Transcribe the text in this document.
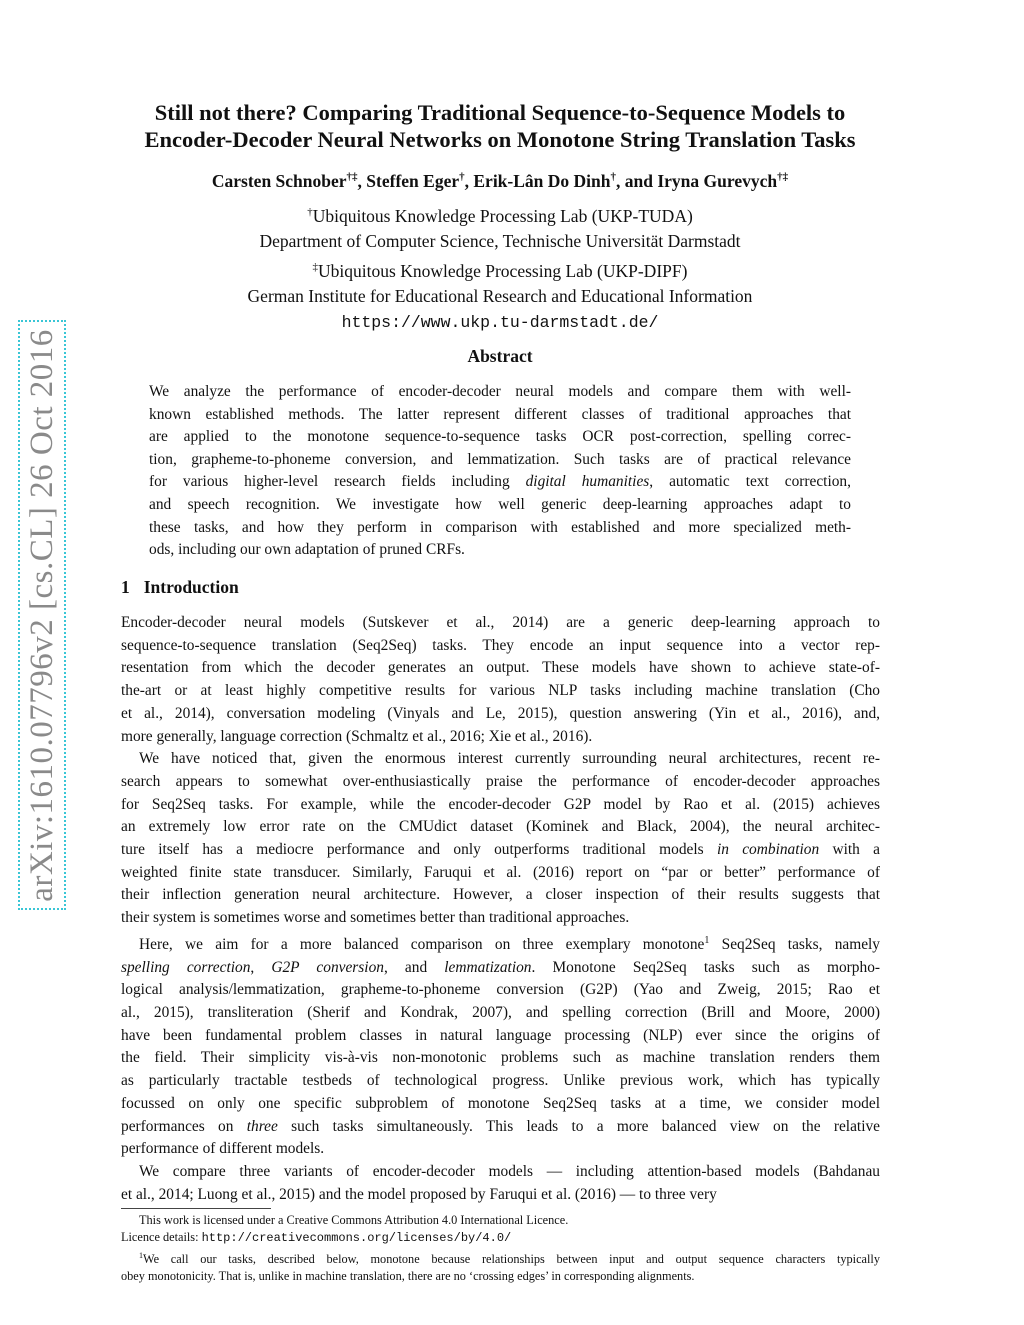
arXiv:1610.07796v2 [cs.CL] 26 Oct 2016
Still not there? Comparing Traditional Sequence-to-Sequence Models to
Encoder-Decoder Neural Networks on Monotone String Translation Tasks
Carsten Schnober†‡, Steffen Eger†, Erik-Lân Do Dinh†, and Iryna Gurevych†‡
†Ubiquitous Knowledge Processing Lab (UKP-TUDA)
Department of Computer Science, Technische Universität Darmstadt
‡Ubiquitous Knowledge Processing Lab (UKP-DIPF)
German Institute for Educational Research and Educational Information
https://www.ukp.tu-darmstadt.de/
Abstract
We analyze the performance of encoder-decoder neural models and compare them with well-
known established methods. The latter represent different classes of traditional approaches that
are applied to the monotone sequence-to-sequence tasks OCR post-correction, spelling correc-
tion, grapheme-to-phoneme conversion, and lemmatization. Such tasks are of practical relevance
for various higher-level research fields including digital humanities, automatic text correction,
and speech recognition. We investigate how well generic deep-learning approaches adapt to
these tasks, and how they perform in comparison with established and more specialized meth-
ods, including our own adaptation of pruned CRFs.
1 Introduction
Encoder-decoder neural models (Sutskever et al., 2014) are a generic deep-learning approach to
sequence-to-sequence translation (Seq2Seq) tasks. They encode an input sequence into a vector rep-
resentation from which the decoder generates an output. These models have shown to achieve state-of-
the-art or at least highly competitive results for various NLP tasks including machine translation (Cho
et al., 2014), conversation modeling (Vinyals and Le, 2015), question answering (Yin et al., 2016), and,
more generally, language correction (Schmaltz et al., 2016; Xie et al., 2016).
We have noticed that, given the enormous interest currently surrounding neural architectures, recent re-
search appears to somewhat over-enthusiastically praise the performance of encoder-decoder approaches
for Seq2Seq tasks. For example, while the encoder-decoder G2P model by Rao et al. (2015) achieves
an extremely low error rate on the CMUdict dataset (Kominek and Black, 2004), the neural architec-
ture itself has a mediocre performance and only outperforms traditional models in combination with a
weighted finite state transducer. Similarly, Faruqui et al. (2016) report on “par or better” performance of
their inflection generation neural architecture. However, a closer inspection of their results suggests that
their system is sometimes worse and sometimes better than traditional approaches.
Here, we aim for a more balanced comparison on three exemplary monotone$^1$ Seq2Seq tasks, namely
spelling correction, G2P conversion, and lemmatization. Monotone Seq2Seq tasks such as morpho-
logical analysis/lemmatization, grapheme-to-phoneme conversion (G2P) (Yao and Zweig, 2015; Rao et
al., 2015), transliteration (Sherif and Kondrak, 2007), and spelling correction (Brill and Moore, 2000)
have been fundamental problem classes in natural language processing (NLP) ever since the origins of
the field. Their simplicity vis-à-vis non-monotonic problems such as machine translation renders them
as particularly tractable testbeds of technological progress. Unlike previous work, which has typically
focussed on only one specific subproblem of monotone Seq2Seq tasks at a time, we consider model
performances on three such tasks simultaneously. This leads to a more balanced view on the relative
performance of different models.
We compare three variants of encoder-decoder models — including attention-based models (Bahdanau
et al., 2014; Luong et al., 2015) and the model proposed by Faruqui et al. (2016) — to three very
This work is licensed under a Creative Commons Attribution 4.0 International Licence.
Licence details: http://creativecommons.org/licenses/by/4.0/
$^1$We call our tasks, described below, monotone because relationships between input and output sequence characters typically
obey monotonicity. That is, unlike in machine translation, there are no ‘crossing edges’ in corresponding alignments.
